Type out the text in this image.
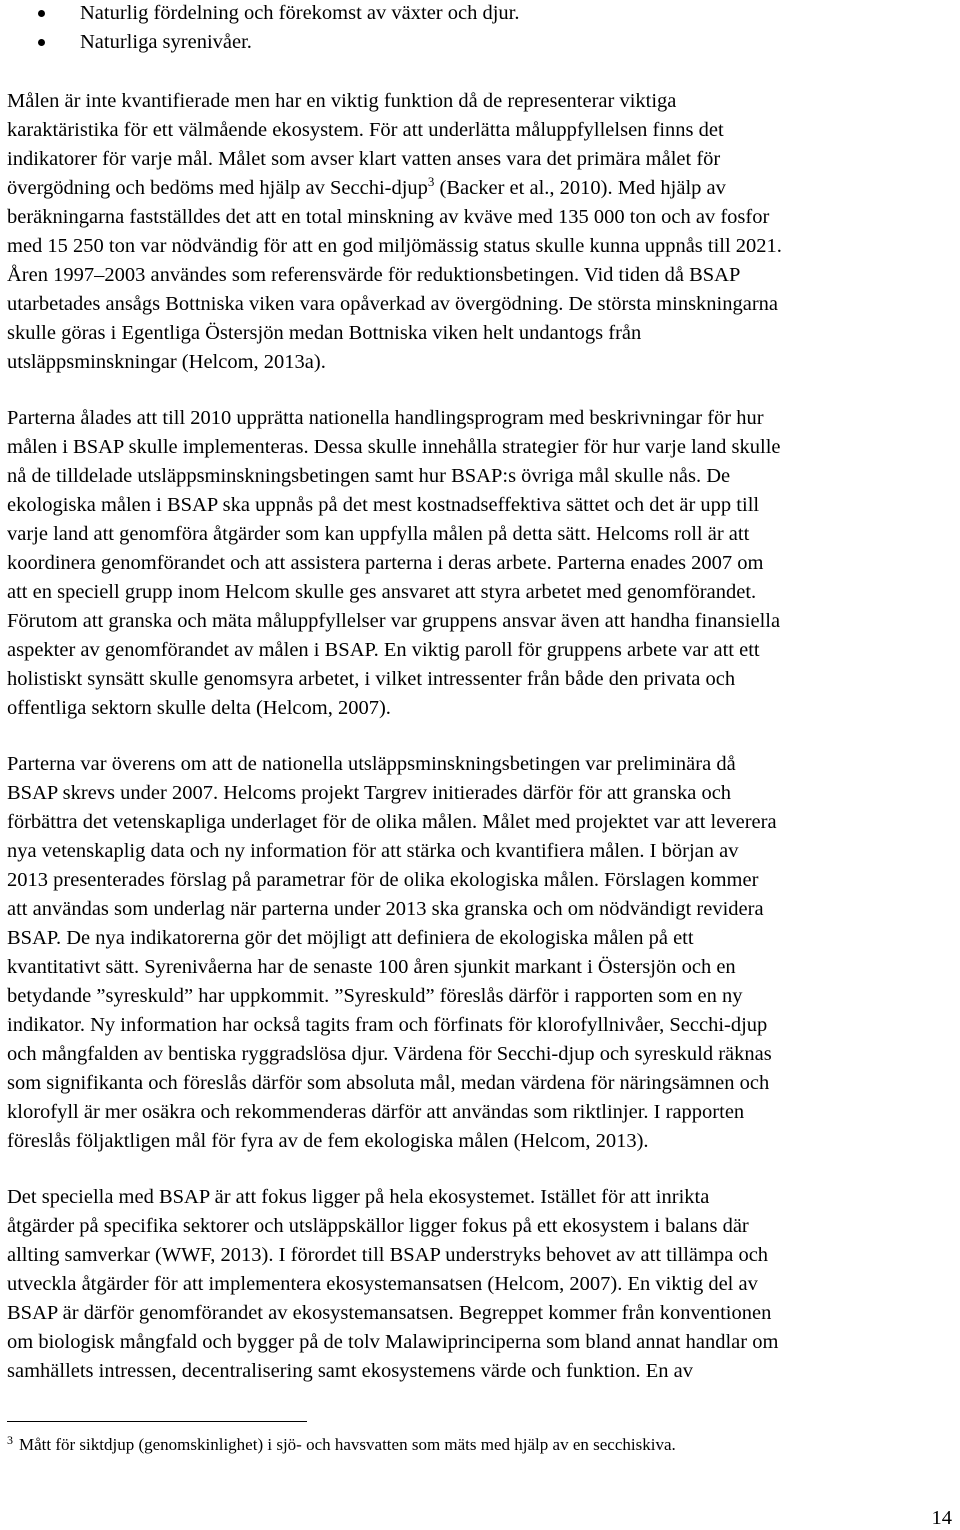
Naturlig fördelning och förekomst av växter och djur.
Naturliga syrenivåer.

Målen är inte kvantifierade men har en viktig funktion då de representerar viktiga
karaktäristika för ett välmående ekosystem. För att underlätta måluppfyllelsen finns det
indikatorer för varje mål. Målet som avser klart vatten anses vara det primära målet för
övergödning och bedöms med hjälp av Secchi-djup$^3$ (Backer et al., 2010). Med hjälp av
beräkningarna fastställdes det att en total minskning av kväve med 135 000 ton och av fosfor
med 15 250 ton var nödvändig för att en god miljömässig status skulle kunna uppnås till 2021.
Åren 1997–2003 användes som referensvärde för reduktionsbetingen. Vid tiden då BSAP
utarbetades ansågs Bottniska viken vara opåverkad av övergödning. De största minskningarna
skulle göras i Egentliga Östersjön medan Bottniska viken helt undantogs från
utsläppsminskningar (Helcom, 2013a).

Parterna ålades att till 2010 upprätta nationella handlingsprogram med beskrivningar för hur
målen i BSAP skulle implementeras. Dessa skulle innehålla strategier för hur varje land skulle
nå de tilldelade utsläppsminskningsbetingen samt hur BSAP:s övriga mål skulle nås. De
ekologiska målen i BSAP ska uppnås på det mest kostnadseffektiva sättet och det är upp till
varje land att genomföra åtgärder som kan uppfylla målen på detta sätt. Helcoms roll är att
koordinera genomförandet och att assistera parterna i deras arbete. Parterna enades 2007 om
att en speciell grupp inom Helcom skulle ges ansvaret att styra arbetet med genomförandet.
Förutom att granska och mäta måluppfyllelser var gruppens ansvar även att handha finansiella
aspekter av genomförandet av målen i BSAP. En viktig paroll för gruppens arbete var att ett
holistiskt synsätt skulle genomsyra arbetet, i vilket intressenter från både den privata och
offentliga sektorn skulle delta (Helcom, 2007).

Parterna var överens om att de nationella utsläppsminskningsbetingen var preliminära då
BSAP skrevs under 2007. Helcoms projekt Targrev initierades därför för att granska och
förbättra det vetenskapliga underlaget för de olika målen. Målet med projektet var att leverera
nya vetenskaplig data och ny information för att stärka och kvantifiera målen. I början av
2013 presenterades förslag på parametrar för de olika ekologiska målen. Förslagen kommer
att användas som underlag när parterna under 2013 ska granska och om nödvändigt revidera
BSAP. De nya indikatorerna gör det möjligt att definiera de ekologiska målen på ett
kvantitativt sätt. Syrenivåerna har de senaste 100 åren sjunkit markant i Östersjön och en
betydande ”syreskuld” har uppkommit. ”Syreskuld” föreslås därför i rapporten som en ny
indikator. Ny information har också tagits fram och förfinats för klorofyllnivåer, Secchi-djup
och mångfalden av bentiska ryggradslösa djur. Värdena för Secchi-djup och syreskuld räknas
som signifikanta och föreslås därför som absoluta mål, medan värdena för näringsämnen och
klorofyll är mer osäkra och rekommenderas därför att användas som riktlinjer. I rapporten
föreslås följaktligen mål för fyra av de fem ekologiska målen (Helcom, 2013).

Det speciella med BSAP är att fokus ligger på hela ekosystemet. Istället för att inrikta
åtgärder på specifika sektorer och utsläppskällor ligger fokus på ett ekosystem i balans där
allting samverkar (WWF, 2013). I förordet till BSAP understryks behovet av att tillämpa och
utveckla åtgärder för att implementera ekosystemansatsen (Helcom, 2007). En viktig del av
BSAP är därför genomförandet av ekosystemansatsen. Begreppet kommer från konventionen
om biologisk mångfald och bygger på de tolv Malawiprinciperna som bland annat handlar om
samhällets intressen, decentralisering samt ekosystemens värde och funktion. En av

$^3$ Mått för siktdjup (genomskinlighet) i sjö- och havsvatten som mäts med hjälp av en secchiskiva.
14
